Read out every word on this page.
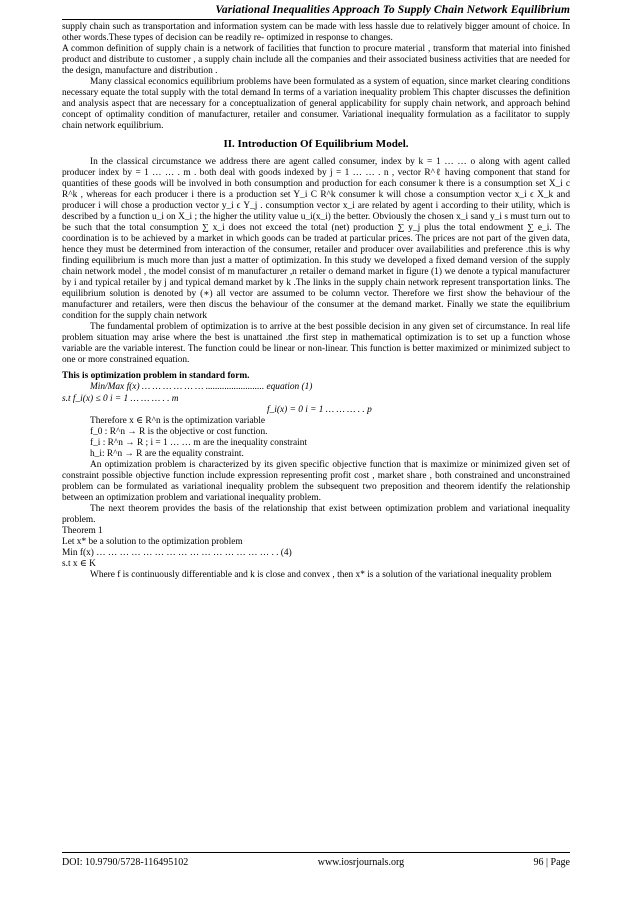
Variational Inequalities Approach To Supply Chain Network Equilibrium

supply chain such as transportation and information system can be made with less hassle due to relatively bigger amount of choice. In other words.These types of decision can be readily re- optimized in response to changes.

A common definition of supply chain is a network of facilities that function to procure material , transform that material into finished product and distribute to customer , a supply chain include all the companies and their associated business activities that are needed for the design, manufacture and distribution .

Many classical economics equilibrium problems have been formulated as a system of equation, since market clearing conditions necessary equate the total supply with the total demand In terms of a variation inequality problem This chapter discusses the definition and analysis aspect that are necessary for a conceptualization of general applicability for supply chain network, and approach behind concept of optimality condition of manufacturer, retailer and consumer. Variational inequality formulation as a facilitator to supply chain network equilibrium.

II. Introduction Of Equilibrium Model.

In the classical circumstance we address there are agent called consumer, index by k = 1 … … o along with agent called producer index by = 1 … … . m . both deal with goods indexed by j = 1 … … . n , vector R^ℓ having component that stand for quantities of these goods will be involved in both consumption and production for each consumer k there is a consumption set X_i c R^k , whereas for each producer i there is a production set Y_i C R^k consumer k will chose a consumption vector x_i ϵ X_k and producer i will chose a production vector y_i ϵ Y_j . consumption vector x_i are related by agent i according to their utility, which is described by a function u_i on X_i ; the higher the utility value u_i(x_i) the better. Obviously the chosen x_i sand y_i s must turn out to be such that the total consumption ∑ x_i does not exceed the total (net) production ∑ y_j plus the total endowment ∑ e_i. The coordination is to be achieved by a market in which goods can be traded at particular prices. The prices are not part of the given data, hence they must be determined from interaction of the consumer, retailer and producer over availabilities and preference .this is why finding equilibrium is much more than just a matter of optimization. In this study we developed a fixed demand version of the supply chain network model , the model consist of m manufacturer ,n retailer o demand market in figure (1) we denote a typical manufacturer by i and typical retailer by j and typical demand market by k .The links in the supply chain network represent transportation links. The equilibrium solution is denoted by (∗) all vector are assumed to be column vector. Therefore we first show the behaviour of the manufacturer and retailers, were then discus the behaviour of the consumer at the demand market. Finally we state the equilibrium condition for the supply chain network

The fundamental problem of optimization is to arrive at the best possible decision in any given set of circumstance. In real life problem situation may arise where the best is unattained .the first step in mathematical optimization is to set up a function whose variable are the variable interest. The function could be linear or non-linear. This function is better maximized or minimized subject to one or more constrained equation.

This is optimization problem in standard form.

Min/Max f(x) … … … … … … ......................... equation (1)

s.t f_i(x) ≤ 0 i = 1 … … … . . m

f_i(x) = 0 i = 1 … … … . . p

Therefore x ∈ R^n is the optimization variable

f_0 : R^n → R is the objective or cost function.

f_i : R^n → R ; i = 1 … … m are the inequality constraint

h_i: R^n → R are the equality constraint.

An optimization problem is characterized by its given specific objective function that is maximize or minimized given set of constraint possible objective function include expression representing profit cost , market share , both constrained and unconstrained problem can be formulated as variational inequality problem the subsequent two preposition and theorem identify the relationship between an optimization problem and variational inequality problem.

The next theorem provides the basis of the relationship that exist between optimization problem and variational inequality problem.

Theorem 1

Let x* be a solution to the optimization problem

Min f(x) … … … … … … … … … … … … … … … . . (4)

s.t x ∈ K

Where f is continuously differentiable and k is close and convex , then x* is a solution of the variational inequality problem

DOI: 10.9790/5728-116495102	www.iosrjournals.org	96 | Page
